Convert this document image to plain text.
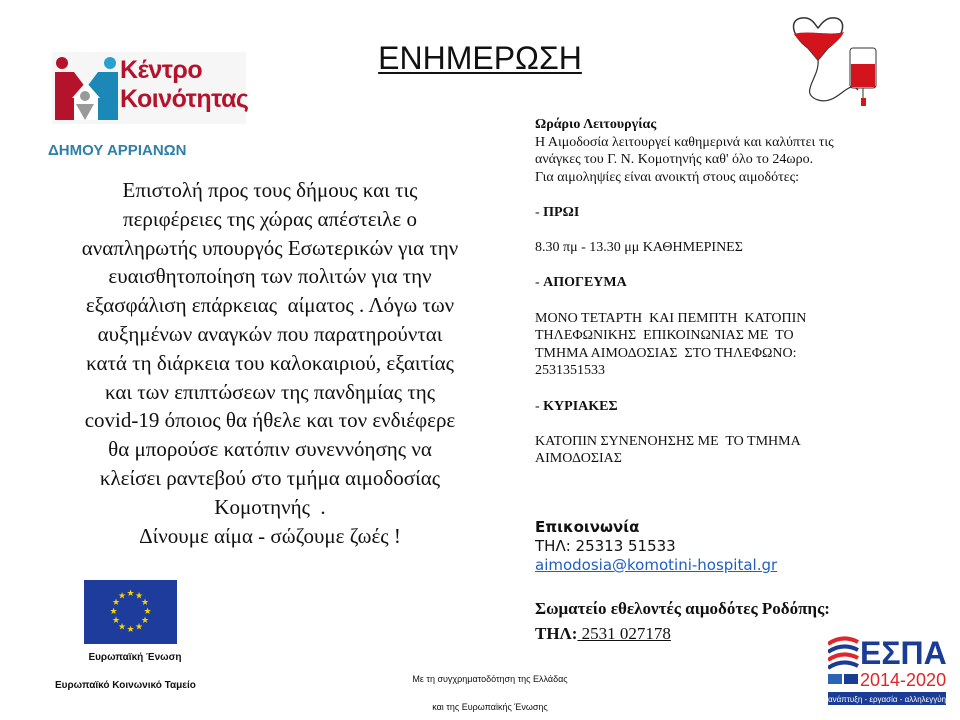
ΕΝΗΜΕΡΩΣΗ
Κέντρο
Κοινότητας
ΔΗΜΟΥ ΑΡΡΙΑΝΩΝ
Επιστολή προς τους δήμους και τις
περιφέρειες της χώρας απέστειλε ο
αναπληρωτής υπουργός Εσωτερικών για την
ευαισθητοποίηση των πολιτών για την
εξασφάλιση επάρκειας  αίματος . Λόγω των
αυξημένων αναγκών που παρατηρούνται
κατά τη διάρκεια του καλοκαιριού, εξαιτίας
και των επιπτώσεων της πανδημίας της
covid-19 όποιος θα ήθελε και τον ενδιέφερε
θα μπορούσε κατόπιν συνεννόησης να
κλείσει ραντεβού στο τμήμα αιμοδοσίας
Κομοτηνής  .
Δίνουμε αίμα - σώζουμε ζωές !
Ωράριο Λειτουργίας
Η Αιμοδοσία λειτουργεί καθημερινά και καλύπτει τις
ανάγκες του Γ. Ν. Κομοτηνής καθ' όλο το 24ωρο.
Για αιμοληψίες είναι ανοικτή στους αιμοδότες:
- ΠΡΩΙ
8.30 πμ - 13.30 μμ ΚΑΘΗΜΕΡΙΝΕΣ
- ΑΠΟΓΕΥΜΑ
ΜΟΝΟ ΤΕΤΑΡΤΗ  ΚΑΙ ΠΕΜΠΤΗ  ΚΑΤΟΠΙΝ
ΤΗΛΕΦΩΝΙΚΗΣ  ΕΠΙΚΟΙΝΩΝΙΑΣ ΜΕ  ΤΟ
ΤΜΗΜΑ ΑΙΜΟΔΟΣΙΑΣ  ΣΤΟ ΤΗΛΕΦΩΝΟ:
2531351533
- ΚΥΡΙΑΚΕΣ
ΚΑΤΟΠΙΝ ΣΥΝΕΝΟΗΣΗΣ ΜΕ  ΤΟ ΤΜΗΜΑ
ΑΙΜΟΔΟΣΙΑΣ
Επικοινωνία
ΤΗΛ: 25313 51533
aimodosia@komotini-hospital.gr
Σωματείο εθελοντές αιμοδότες Ροδόπης:
ΤΗΛ: 2531 027178
★ ★
★
★
★
★
★
★
★
★
★
★
Ευρωπαϊκή Ένωση
Ευρωπαϊκό Κοινωνικό Ταμείο
Με τη συγχρηματοδότηση της Ελλάδας
και της Ευρωπαϊκής Ένωσης
ΕΣΠΑ
2014-2020
ανάπτυξη - εργασία - αλληλεγγύη
